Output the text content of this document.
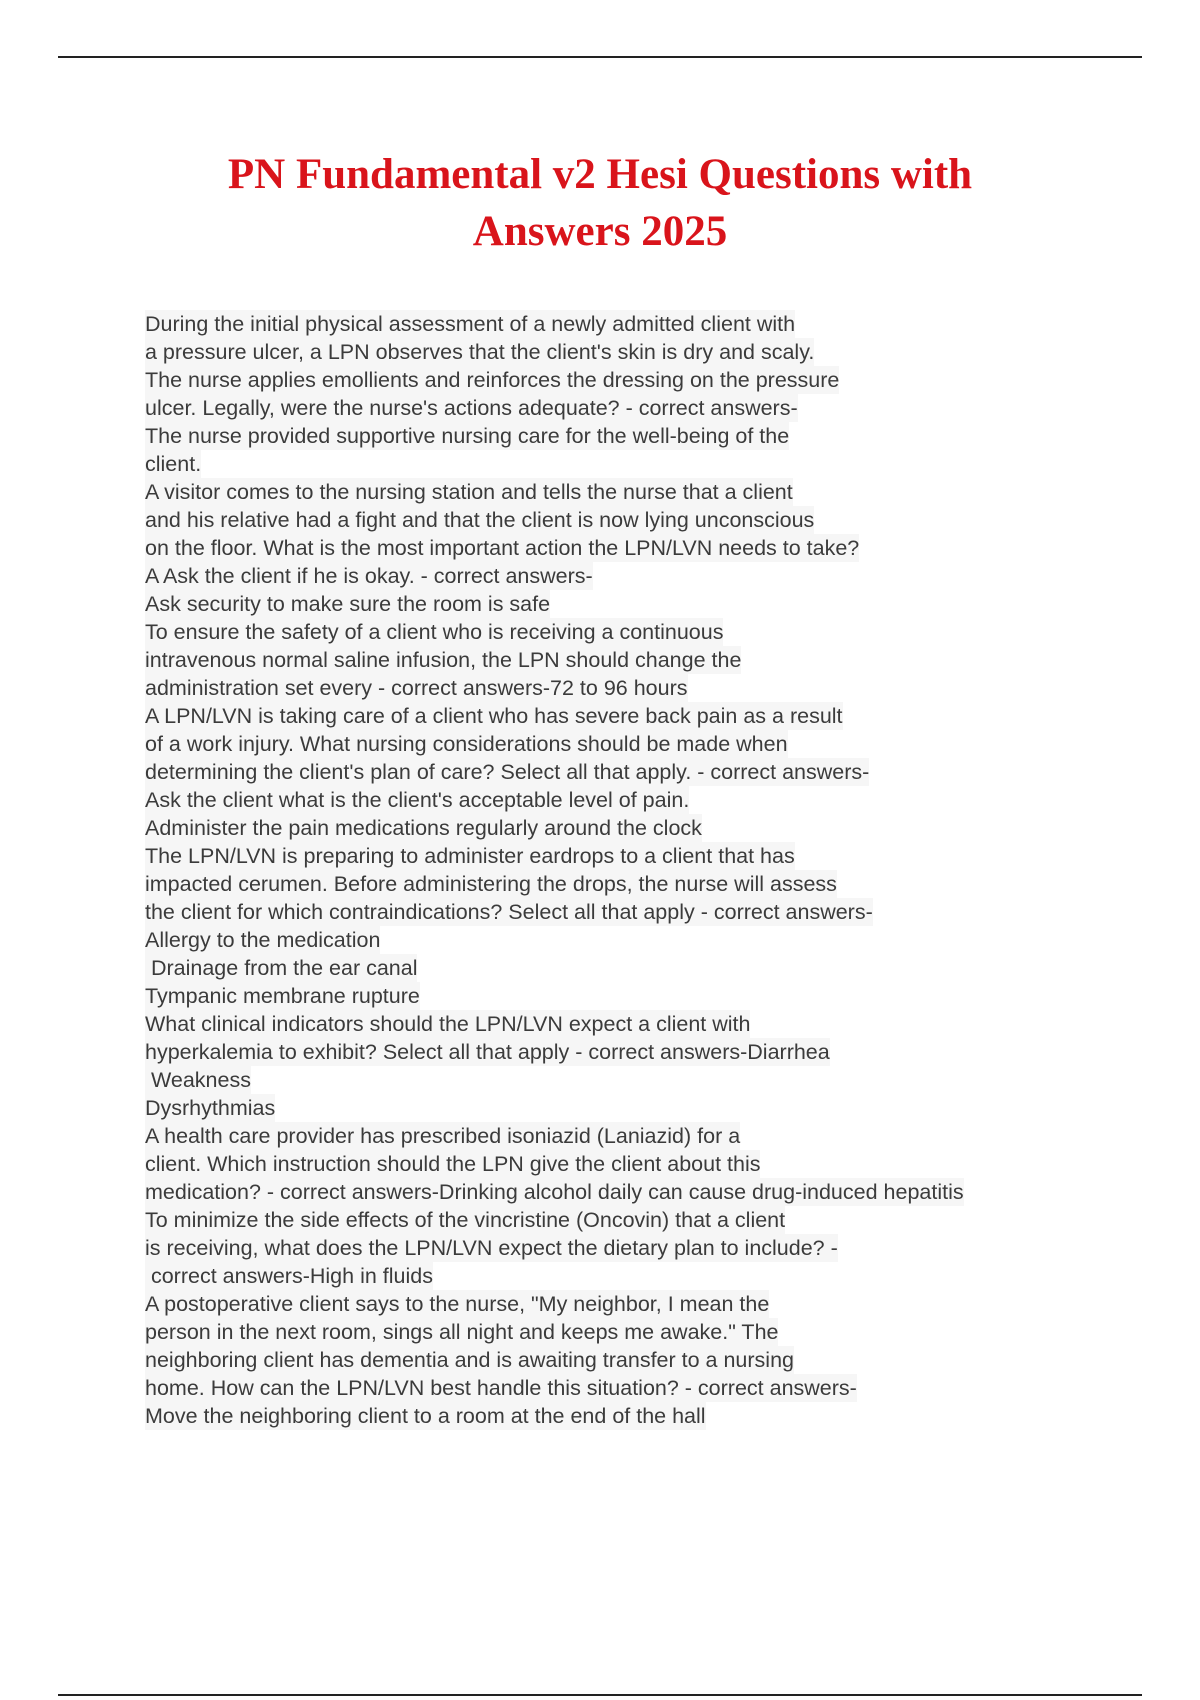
PN Fundamental v2 Hesi Questions with
Answers 2025
During the initial physical assessment of a newly admitted client with
a pressure ulcer, a LPN observes that the client's skin is dry and scaly.
The nurse applies emollients and reinforces the dressing on the pressure
ulcer. Legally, were the nurse's actions adequate? - correct answers-
The nurse provided supportive nursing care for the well-being of the
client.
A visitor comes to the nursing station and tells the nurse that a client
and his relative had a fight and that the client is now lying unconscious
on the floor. What is the most important action the LPN/LVN needs to take?
A Ask the client if he is okay. - correct answers-
Ask security to make sure the room is safe
To ensure the safety of a client who is receiving a continuous
intravenous normal saline infusion, the LPN should change the
administration set every - correct answers-72 to 96 hours
A LPN/LVN is taking care of a client who has severe back pain as a result
of a work injury. What nursing considerations should be made when
determining the client's plan of care? Select all that apply. - correct answers-
Ask the client what is the client's acceptable level of pain.
Administer the pain medications regularly around the clock
The LPN/LVN is preparing to administer eardrops to a client that has
impacted cerumen. Before administering the drops, the nurse will assess
the client for which contraindications? Select all that apply - correct answers-
Allergy to the medication
Drainage from the ear canal
Tympanic membrane rupture
What clinical indicators should the LPN/LVN expect a client with
hyperkalemia to exhibit? Select all that apply - correct answers-Diarrhea
Weakness
Dysrhythmias
A health care provider has prescribed isoniazid (Laniazid) for a
client. Which instruction should the LPN give the client about this
medication? - correct answers-Drinking alcohol daily can cause drug-induced hepatitis
To minimize the side effects of the vincristine (Oncovin) that a client
is receiving, what does the LPN/LVN expect the dietary plan to include? -
correct answers-High in fluids
A postoperative client says to the nurse, "My neighbor, I mean the
person in the next room, sings all night and keeps me awake." The
neighboring client has dementia and is awaiting transfer to a nursing
home. How can the LPN/LVN best handle this situation? - correct answers-
Move the neighboring client to a room at the end of the hall
